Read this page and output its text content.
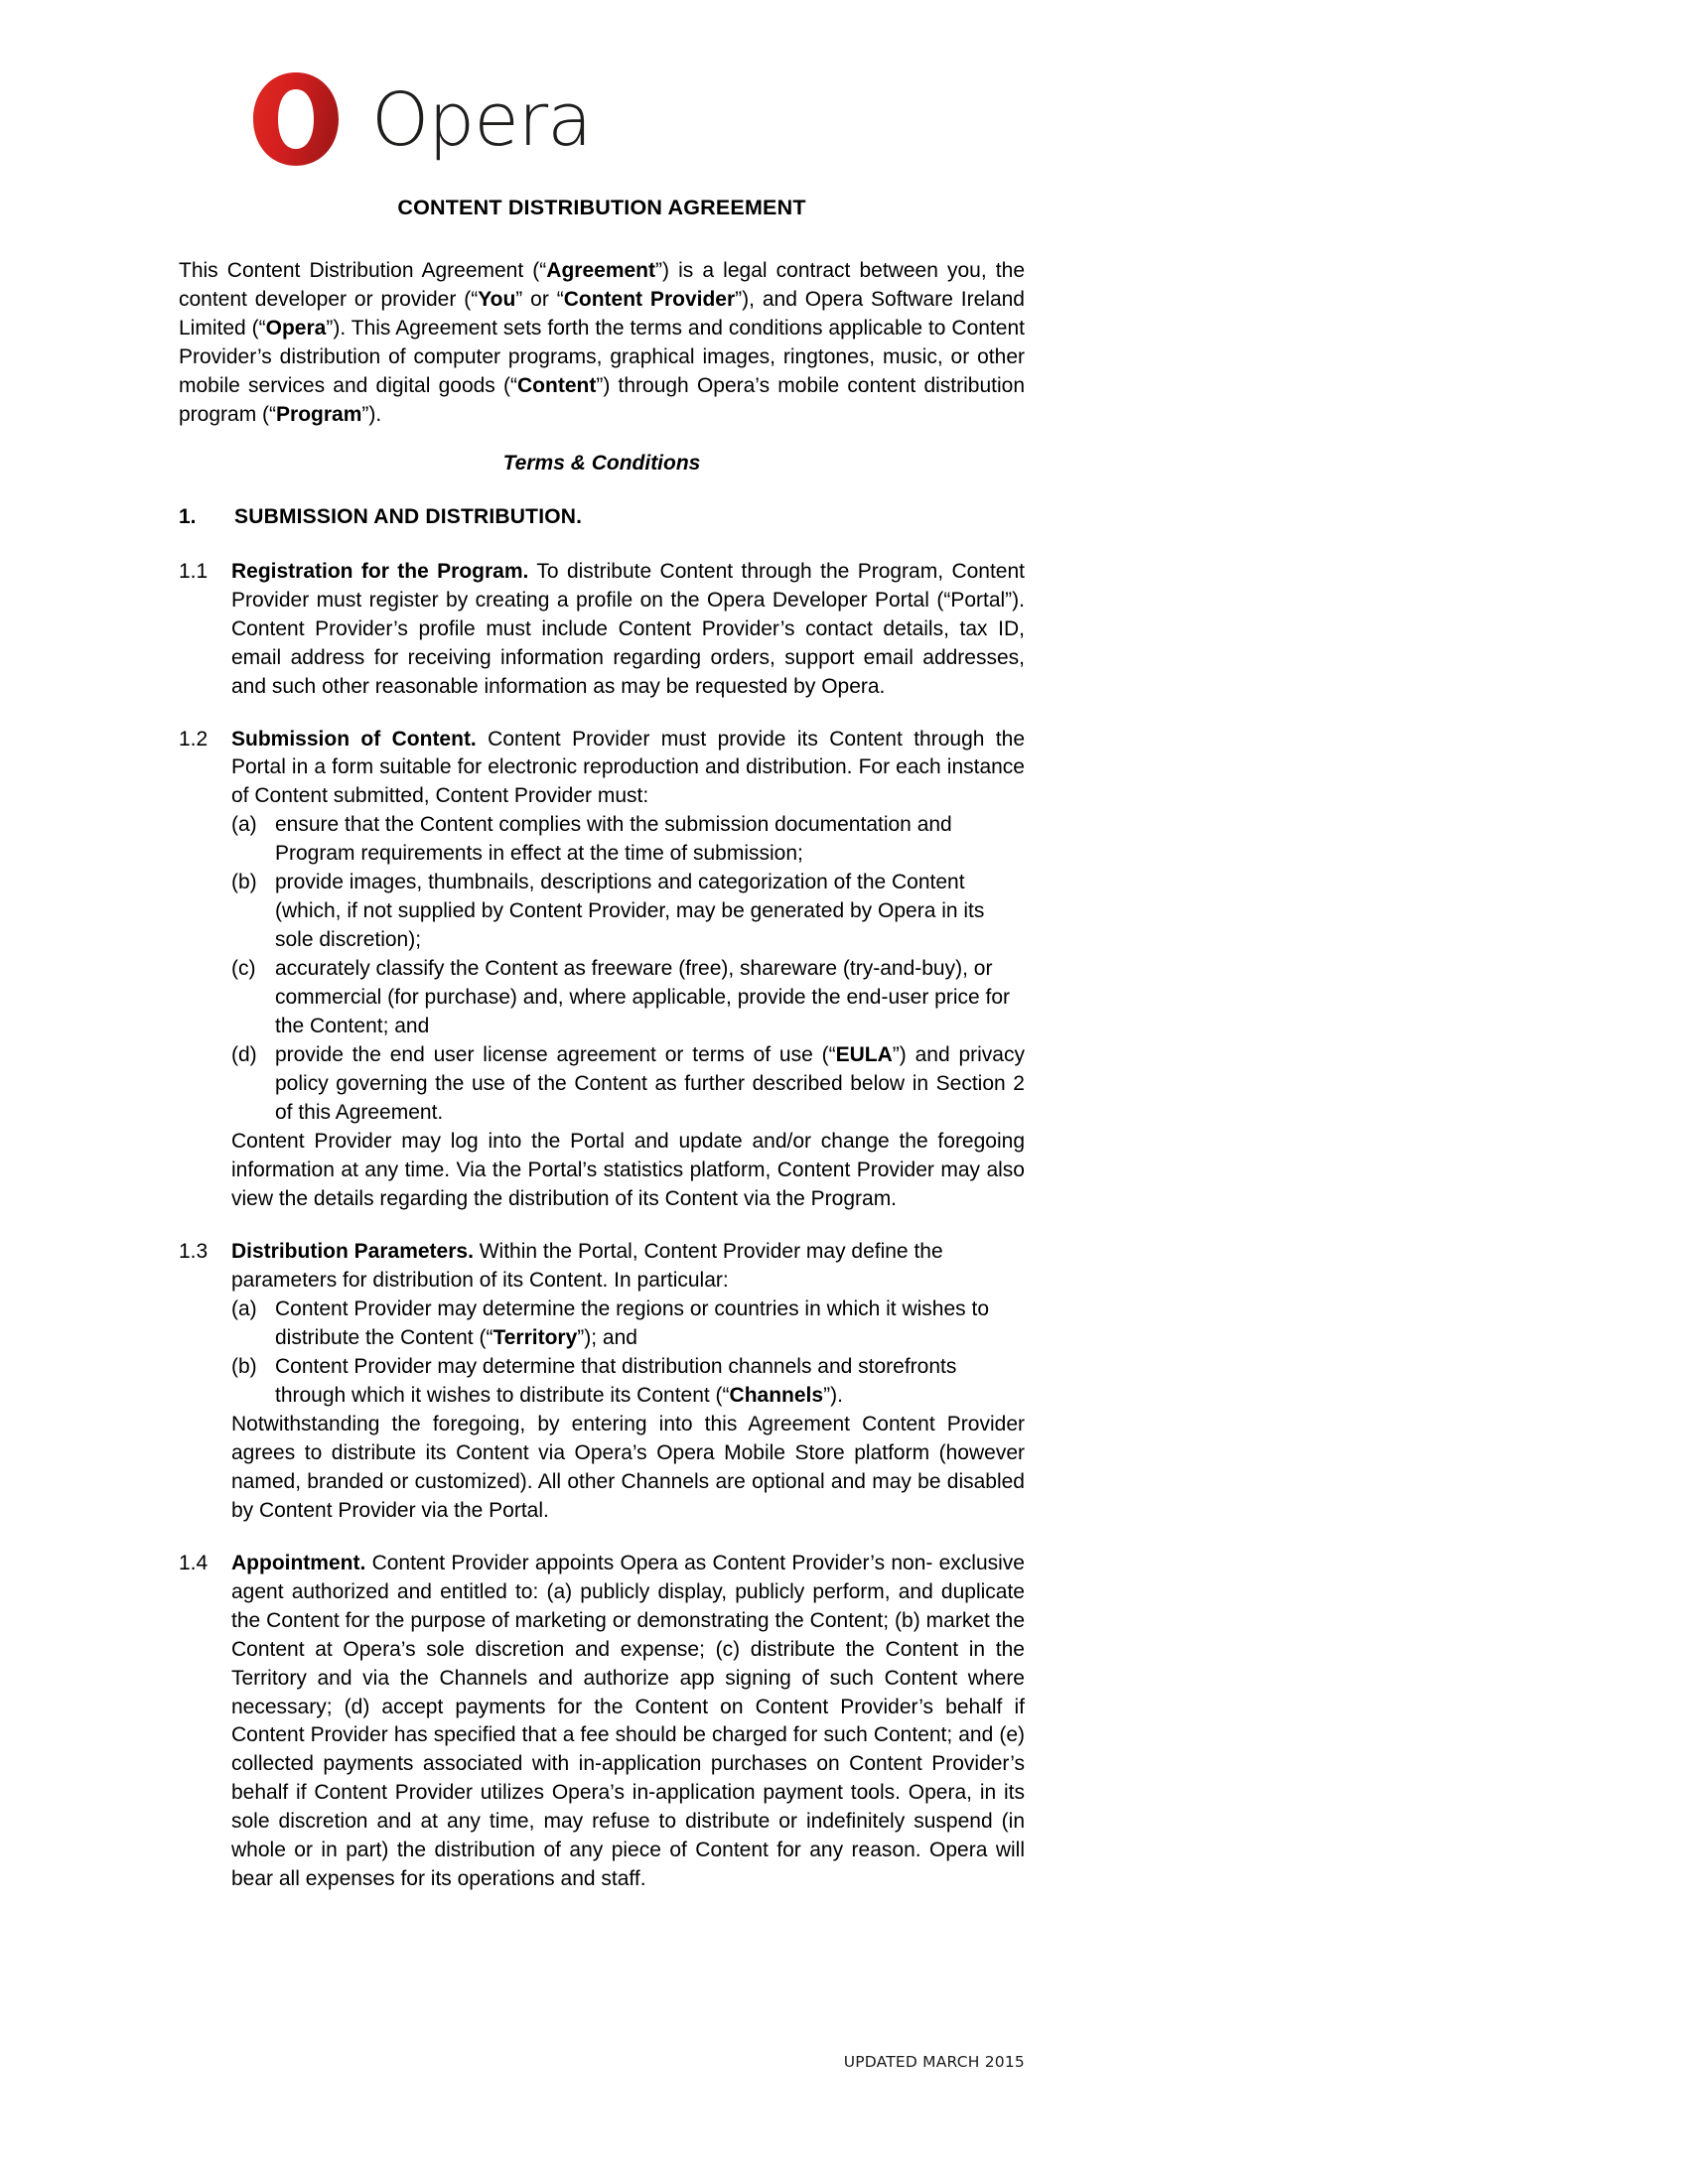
Opera
CONTENT DISTRIBUTION AGREEMENT

This Content Distribution Agreement (“Agreement”) is a legal contract between you, the content developer or provider (“You” or “Content Provider”), and Opera Software Ireland Limited (“Opera”). This Agreement sets forth the terms and conditions applicable to Content Provider’s distribution of computer programs, graphical images, ringtones, music, or other mobile services and digital goods (“Content”) through Opera’s mobile content distribution program (“Program”).

Terms & Conditions
1.	SUBMISSION AND DISTRIBUTION.
1.1	Registration for the Program. To distribute Content through the Program, Content Provider must register by creating a profile on the Opera Developer Portal (“Portal”). Content Provider’s profile must include Content Provider’s contact details, tax ID, email address for receiving information regarding orders, support email addresses, and such other reasonable information as may be requested by Opera.

1.2	Submission of Content. Content Provider must provide its Content through the Portal in a form suitable for electronic reproduction and distribution. For each instance of Content submitted, Content Provider must:

(a) ensure that the Content complies with the submission documentation and Program requirements in effect at the time of submission;
(b) provide images, thumbnails, descriptions and categorization of the Content (which, if not supplied by Content Provider, may be generated by Opera in its sole discretion);
(c) accurately classify the Content as freeware (free), shareware (try-and-buy), or commercial (for purchase) and, where applicable, provide the end-user price for the Content; and
(d) provide the end user license agreement or terms of use (“EULA”) and privacy policy governing the use of the Content as further described below in Section 2 of this Agreement.

Content Provider may log into the Portal and update and/or change the foregoing information at any time. Via the Portal’s statistics platform, Content Provider may also view the details regarding the distribution of its Content via the Program.

1.3	Distribution Parameters. Within the Portal, Content Provider may define the parameters for distribution of its Content. In particular:

(a) Content Provider may determine the regions or countries in which it wishes to distribute the Content (“Territory”); and
(b) Content Provider may determine that distribution channels and storefronts through which it wishes to distribute its Content (“Channels”).

Notwithstanding the foregoing, by entering into this Agreement Content Provider agrees to distribute its Content via Opera’s Opera Mobile Store platform (however named, branded or customized). All other Channels are optional and may be disabled by Content Provider via the Portal.

1.4	Appointment. Content Provider appoints Opera as Content Provider’s non- exclusive agent authorized and entitled to: (a) publicly display, publicly perform, and duplicate the Content for the purpose of marketing or demonstrating the Content; (b) market the Content at Opera’s sole discretion and expense; (c) distribute the Content in the Territory and via the Channels and authorize app signing of such Content where necessary; (d) accept payments for the Content on Content Provider’s behalf if Content Provider has specified that a fee should be charged for such Content; and (e) collected payments associated with in-application purchases on Content Provider’s behalf if Content Provider utilizes Opera’s in-application payment tools. Opera, in its sole discretion and at any time, may refuse to distribute or indefinitely suspend (in whole or in part) the distribution of any piece of Content for any reason. Opera will bear all expenses for its operations and staff.

UPDATED MARCH 2015
